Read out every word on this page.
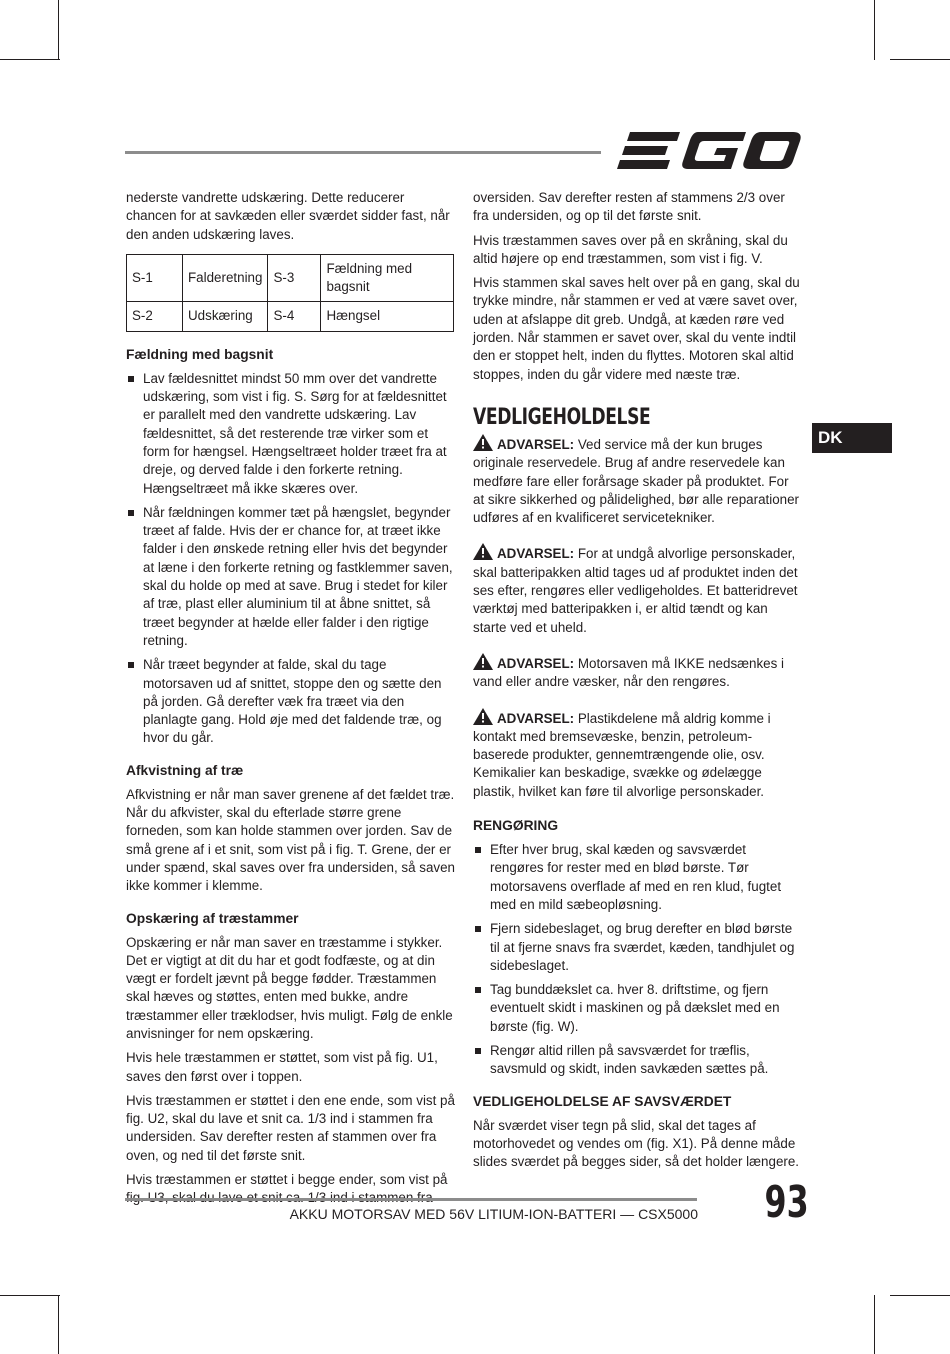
nederste vandrette udskæring. Dette reducerer chancen for at savkæden eller sværdet sidder fast, når den anden udskæring laves.

S-1	Falderetning	S-3	Fældning med bagsnit
S-2	Udskæring	S-4	Hængsel
Fældning med bagsnit
Lav fældesnittet mindst 50 mm over det vandrette udskæring, som vist i fig. S. Sørg for at fældesnittet er parallelt med den vandrette udskæring. Lav fældesnittet, så det resterende træ virker som et form for hængsel. Hængseltræet holder træet fra at dreje, og derved falde i den forkerte retning. Hængseltræet må ikke skæres over.
Når fældningen kommer tæt på hængslet, begynder træet af falde. Hvis der er chance for, at træet ikke falder i den ønskede retning eller hvis det begynder at læne i den forkerte retning og fastklemmer saven, skal du holde op med at save. Brug i stedet for kiler af træ, plast eller aluminium til at åbne snittet, så træet begynder at hælde eller falder i den rigtige retning.
Når træet begynder at falde, skal du tage motorsaven ud af snittet, stoppe den og sætte den på jorden. Gå derefter væk fra træet via den planlagte gang. Hold øje med det faldende træ, og hvor du går.
Afkvistning af træ

Afkvistning er når man saver grenene af det fældet træ. Når du afkvister, skal du efterlade større grene forneden, som kan holde stammen over jorden. Sav de små grene af i et snit, som vist på i fig. T. Grene, der er under spænd, skal saves over fra undersiden, så saven ikke kommer i klemme.

Opskæring af træstammer

Opskæring er når man saver en træstamme i stykker. Det er vigtigt at dit du har et godt fodfæste, og at din vægt er fordelt jævnt på begge fødder. Træstammen skal hæves og støttes, enten med bukke, andre træstammer eller træklodser, hvis muligt. Følg de enkle anvisninger for nem opskæring.

Hvis hele træstammen er støttet, som vist på fig. U1, saves den først over i toppen.

Hvis træstammen er støttet i den ene ende, som vist på fig. U2, skal du lave et snit ca. 1/3 ind i stammen fra undersiden. Sav derefter resten af stammen over fra oven, og ned til det første snit.

Hvis træstammen er støttet i begge ender, som vist på

oversiden. Sav derefter resten af stammens 2/3 over fra undersiden, og op til det første snit.

Hvis træstammen saves over på en skråning, skal du altid højere op end træstammen, som vist i fig. V.

Hvis stammen skal saves helt over på en gang, skal du trykke mindre, når stammen er ved at være savet over, uden at afslappe dit greb. Undgå, at kæden røre ved jorden. Når stammen er savet over, skal du vente indtil den er stoppet helt, inden du flyttes. Motoren skal altid stoppes, inden du går videre med næste træ.

VEDLIGEHOLDELSE
ADVARSEL: Ved service må der kun bruges originale reservedele. Brug af andre reservedele kan medføre fare eller forårsage skader på produktet. For at sikre sikkerhed og pålidelighed, bør alle reparationer udføres af en kvalificeret servicetekniker.
ADVARSEL: For at undgå alvorlige personskader, skal batteripakken altid tages ud af produktet inden det ses efter, rengøres eller vedligeholdes. Et batteridrevet værktøj med batteripakken i, er altid tændt og kan starte ved et uheld.
ADVARSEL: Motorsaven må IKKE nedsænkes i vand eller andre væsker, når den rengøres.
ADVARSEL: Plastikdelene må aldrig komme i kontakt med bremsevæske, benzin, petroleum-baserede produkter, gennemtrængende olie, osv. Kemikalier kan beskadige, svække og ødelægge plastik, hvilket kan føre til alvorlige personskader.
RENGØRING
Efter hver brug, skal kæden og savsværdet rengøres for rester med en blød børste. Tør motorsavens overflade af med en ren klud, fugtet med en mild sæbeopløsning.
Fjern sidebeslaget, og brug derefter en blød børste til at fjerne snavs fra sværdet, kæden, tandhjulet og sidebeslaget.
Tag bunddækslet ca. hver 8. driftstime, og fjern eventuelt skidt i maskinen og på dækslet med en børste (fig. W).
Rengør altid rillen på savsværdet for træflis, savsmuld og skidt, inden savkæden sættes på.
VEDLIGEHOLDELSE AF SAVSVÆRDET

Når sværdet viser tegn på slid, skal det tages af motorhovedet og vendes om (fig. X1). På denne måde slides sværdet på begges sider, så det holder længere.

DK
AKKU MOTORSAV MED 56V LITIUM-ION-BATTERI — CSX5000 93
